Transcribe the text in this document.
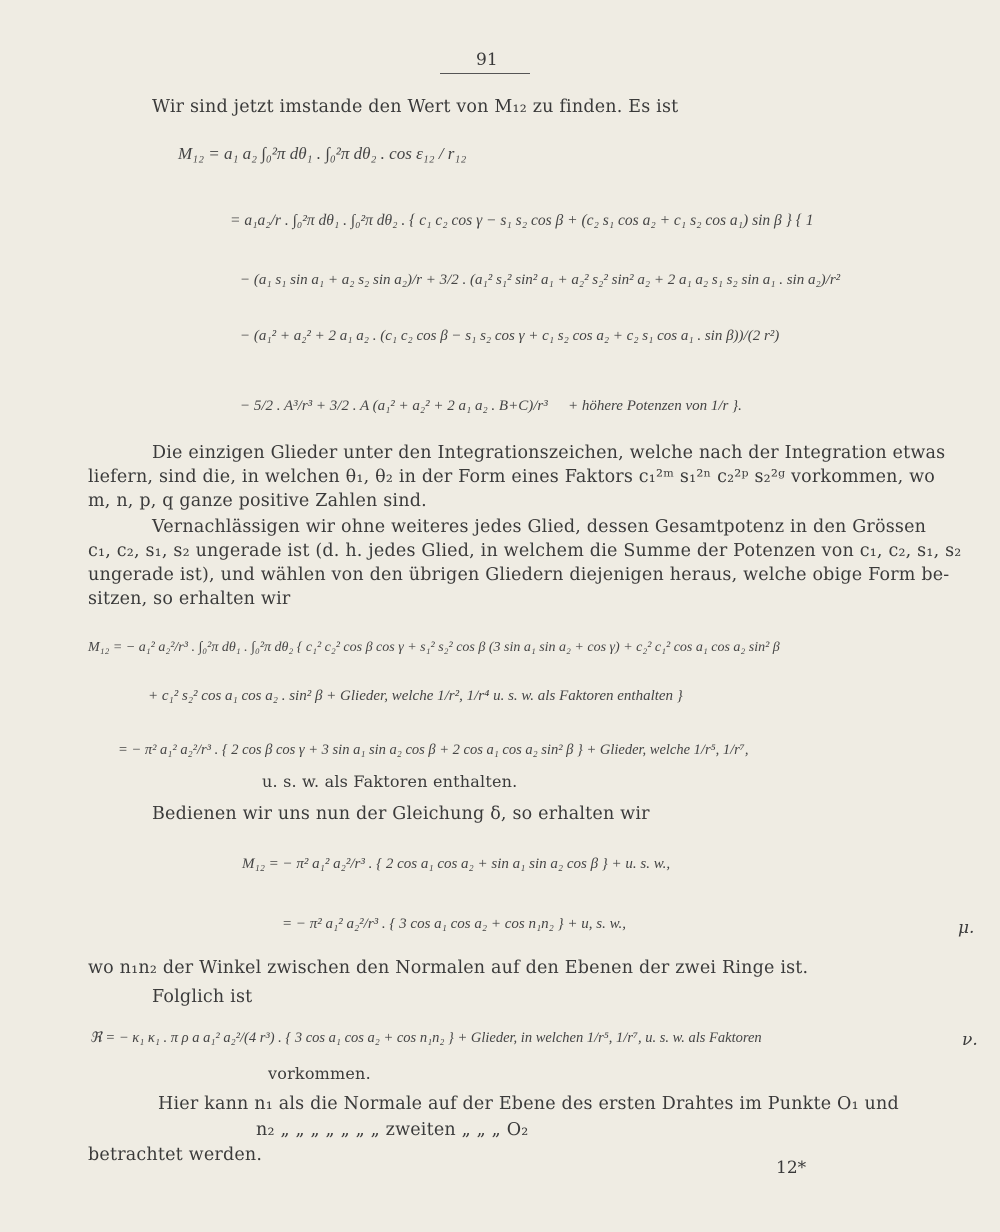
91
Wir sind jetzt imstande den Wert von M₁₂ zu finden. Es ist
M₁₂ = a₁ a₂ ∫₀²π dθ₁ . ∫₀²π dθ₂ . cos ε₁₂ / r₁₂
= a₁a₂/r . ∫₀²π dθ₁ . ∫₀²π dθ₂ . { c₁ c₂ cos γ − s₁ s₂ cos β + (c₂ s₁ cos a₂ + c₁ s₂ cos a₁) sin β } { 1
− (a₁ s₁ sin a₁ + a₂ s₂ sin a₂)/r + 3/2 . (a₁² s₁² sin² a₁ + a₂² s₂² sin² a₂ + 2 a₁ a₂ s₁ s₂ sin a₁ . sin a₂)/r²
− (a₁² + a₂² + 2 a₁ a₂ . (c₁ c₂ cos β − s₁ s₂ cos γ + c₁ s₂ cos a₂ + c₂ s₁ cos a₁ . sin β))/(2 r²)
− 5/2 . A³/r³ + 3/2 . A (a₁² + a₂² + 2 a₁ a₂ . B+C)/r³ + höhere Potenzen von 1/r }.
Die einzigen Glieder unter den Integrationszeichen, welche nach der Integration etwas
liefern, sind die, in welchen θ₁, θ₂ in der Form eines Faktors c₁²ᵐ s₁²ⁿ c₂²ᵖ s₂²ᵍ vorkommen, wo
m, n, p, q ganze positive Zahlen sind.
Vernachlässigen wir ohne weiteres jedes Glied, dessen Gesamtpotenz in den Grössen
c₁, c₂, s₁, s₂ ungerade ist (d. h. jedes Glied, in welchem die Summe der Potenzen von c₁, c₂, s₁, s₂
ungerade ist), und wählen von den übrigen Gliedern diejenigen heraus, welche obige Form be-
sitzen, so erhalten wir
M₁₂ = − a₁² a₂²/r³ . ∫₀²π dθ₁ . ∫₀²π dθ₂ { c₁² c₂² cos β cos γ + s₁² s₂² cos β (3 sin a₁ sin a₂ + cos γ) + c₂² c₁² cos a₁ cos a₂ sin² β
+ c₁² s₂² cos a₁ cos a₂ . sin² β + Glieder, welche 1/r², 1/r⁴ u. s. w. als Faktoren enthalten }
= − π² a₁² a₂²/r³ . { 2 cos β cos γ + 3 sin a₁ sin a₂ cos β + 2 cos a₁ cos a₂ sin² β } + Glieder, welche 1/r⁵, 1/r⁷,
u. s. w. als Faktoren enthalten.
Bedienen wir uns nun der Gleichung δ, so erhalten wir
M₁₂ = − π² a₁² a₂²/r³ . { 2 cos a₁ cos a₂ + sin a₁ sin a₂ cos β } + u. s. w.,
= − π² a₁² a₂²/r³ . { 3 cos a₁ cos a₂ + cos n₁n₂ } + u, s. w.,	μ.
wo n₁n₂ der Winkel zwischen den Normalen auf den Ebenen der zwei Ringe ist.
Folglich ist
ℜ = − κ₁ κ₁ . π ρ a a₁² a₂²/(4 r³) . { 3 cos a₁ cos a₂ + cos n₁n₂ } + Glieder, in welchen 1/r⁵, 1/r⁷, u. s. w. als Faktoren	ν.
vorkommen.
Hier kann n₁ als die Normale auf der Ebene des ersten Drahtes im Punkte O₁ und
n₂ „ „ „ „ „ „ „ zweiten „ „ „ O₂
betrachtet werden.
12*
